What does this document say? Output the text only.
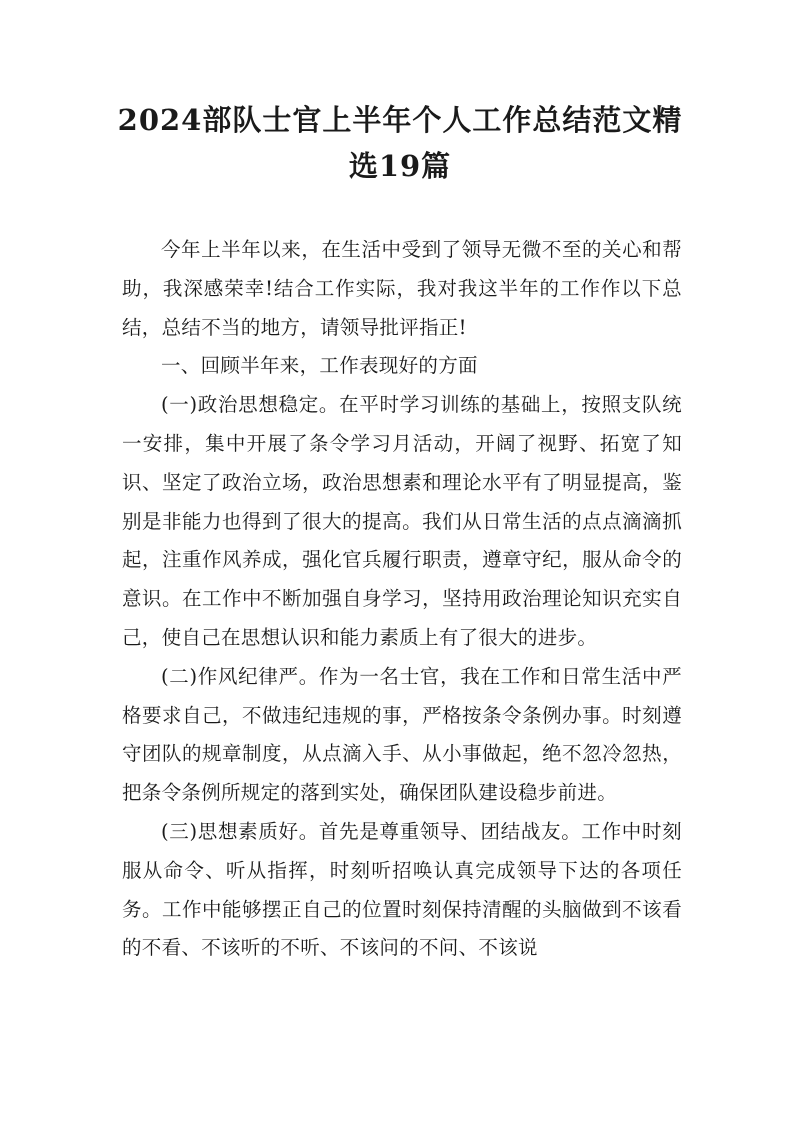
2024部队士官上半年个人工作总结范文精选19篇

今年上半年以来，在生活中受到了领导无微不至的关心和帮助，我深感荣幸!结合工作实际，我对我这半年的工作作以下总结，总结不当的地方，请领导批评指正!

一、回顾半年来，工作表现好的方面

(一)政治思想稳定。在平时学习训练的基础上，按照支队统一安排，集中开展了条令学习月活动，开阔了视野、拓宽了知识、坚定了政治立场，政治思想素和理论水平有了明显提高，鉴别是非能力也得到了很大的提高。我们从日常生活的点点滴滴抓起，注重作风养成，强化官兵履行职责，遵章守纪，服从命令的意识。在工作中不断加强自身学习，坚持用政治理论知识充实自己，使自己在思想认识和能力素质上有了很大的进步。

(二)作风纪律严。作为一名士官，我在工作和日常生活中严格要求自己，不做违纪违规的事，严格按条令条例办事。时刻遵守团队的规章制度，从点滴入手、从小事做起，绝不忽冷忽热，把条令条例所规定的落到实处，确保团队建设稳步前进。

(三)思想素质好。首先是尊重领导、团结战友。工作中时刻服从命令、听从指挥，时刻听招唤认真完成领导下达的各项任务。工作中能够摆正自己的位置时刻保持清醒的头脑做到不该看的不看、不该听的不听、不该问的不问、不该说
